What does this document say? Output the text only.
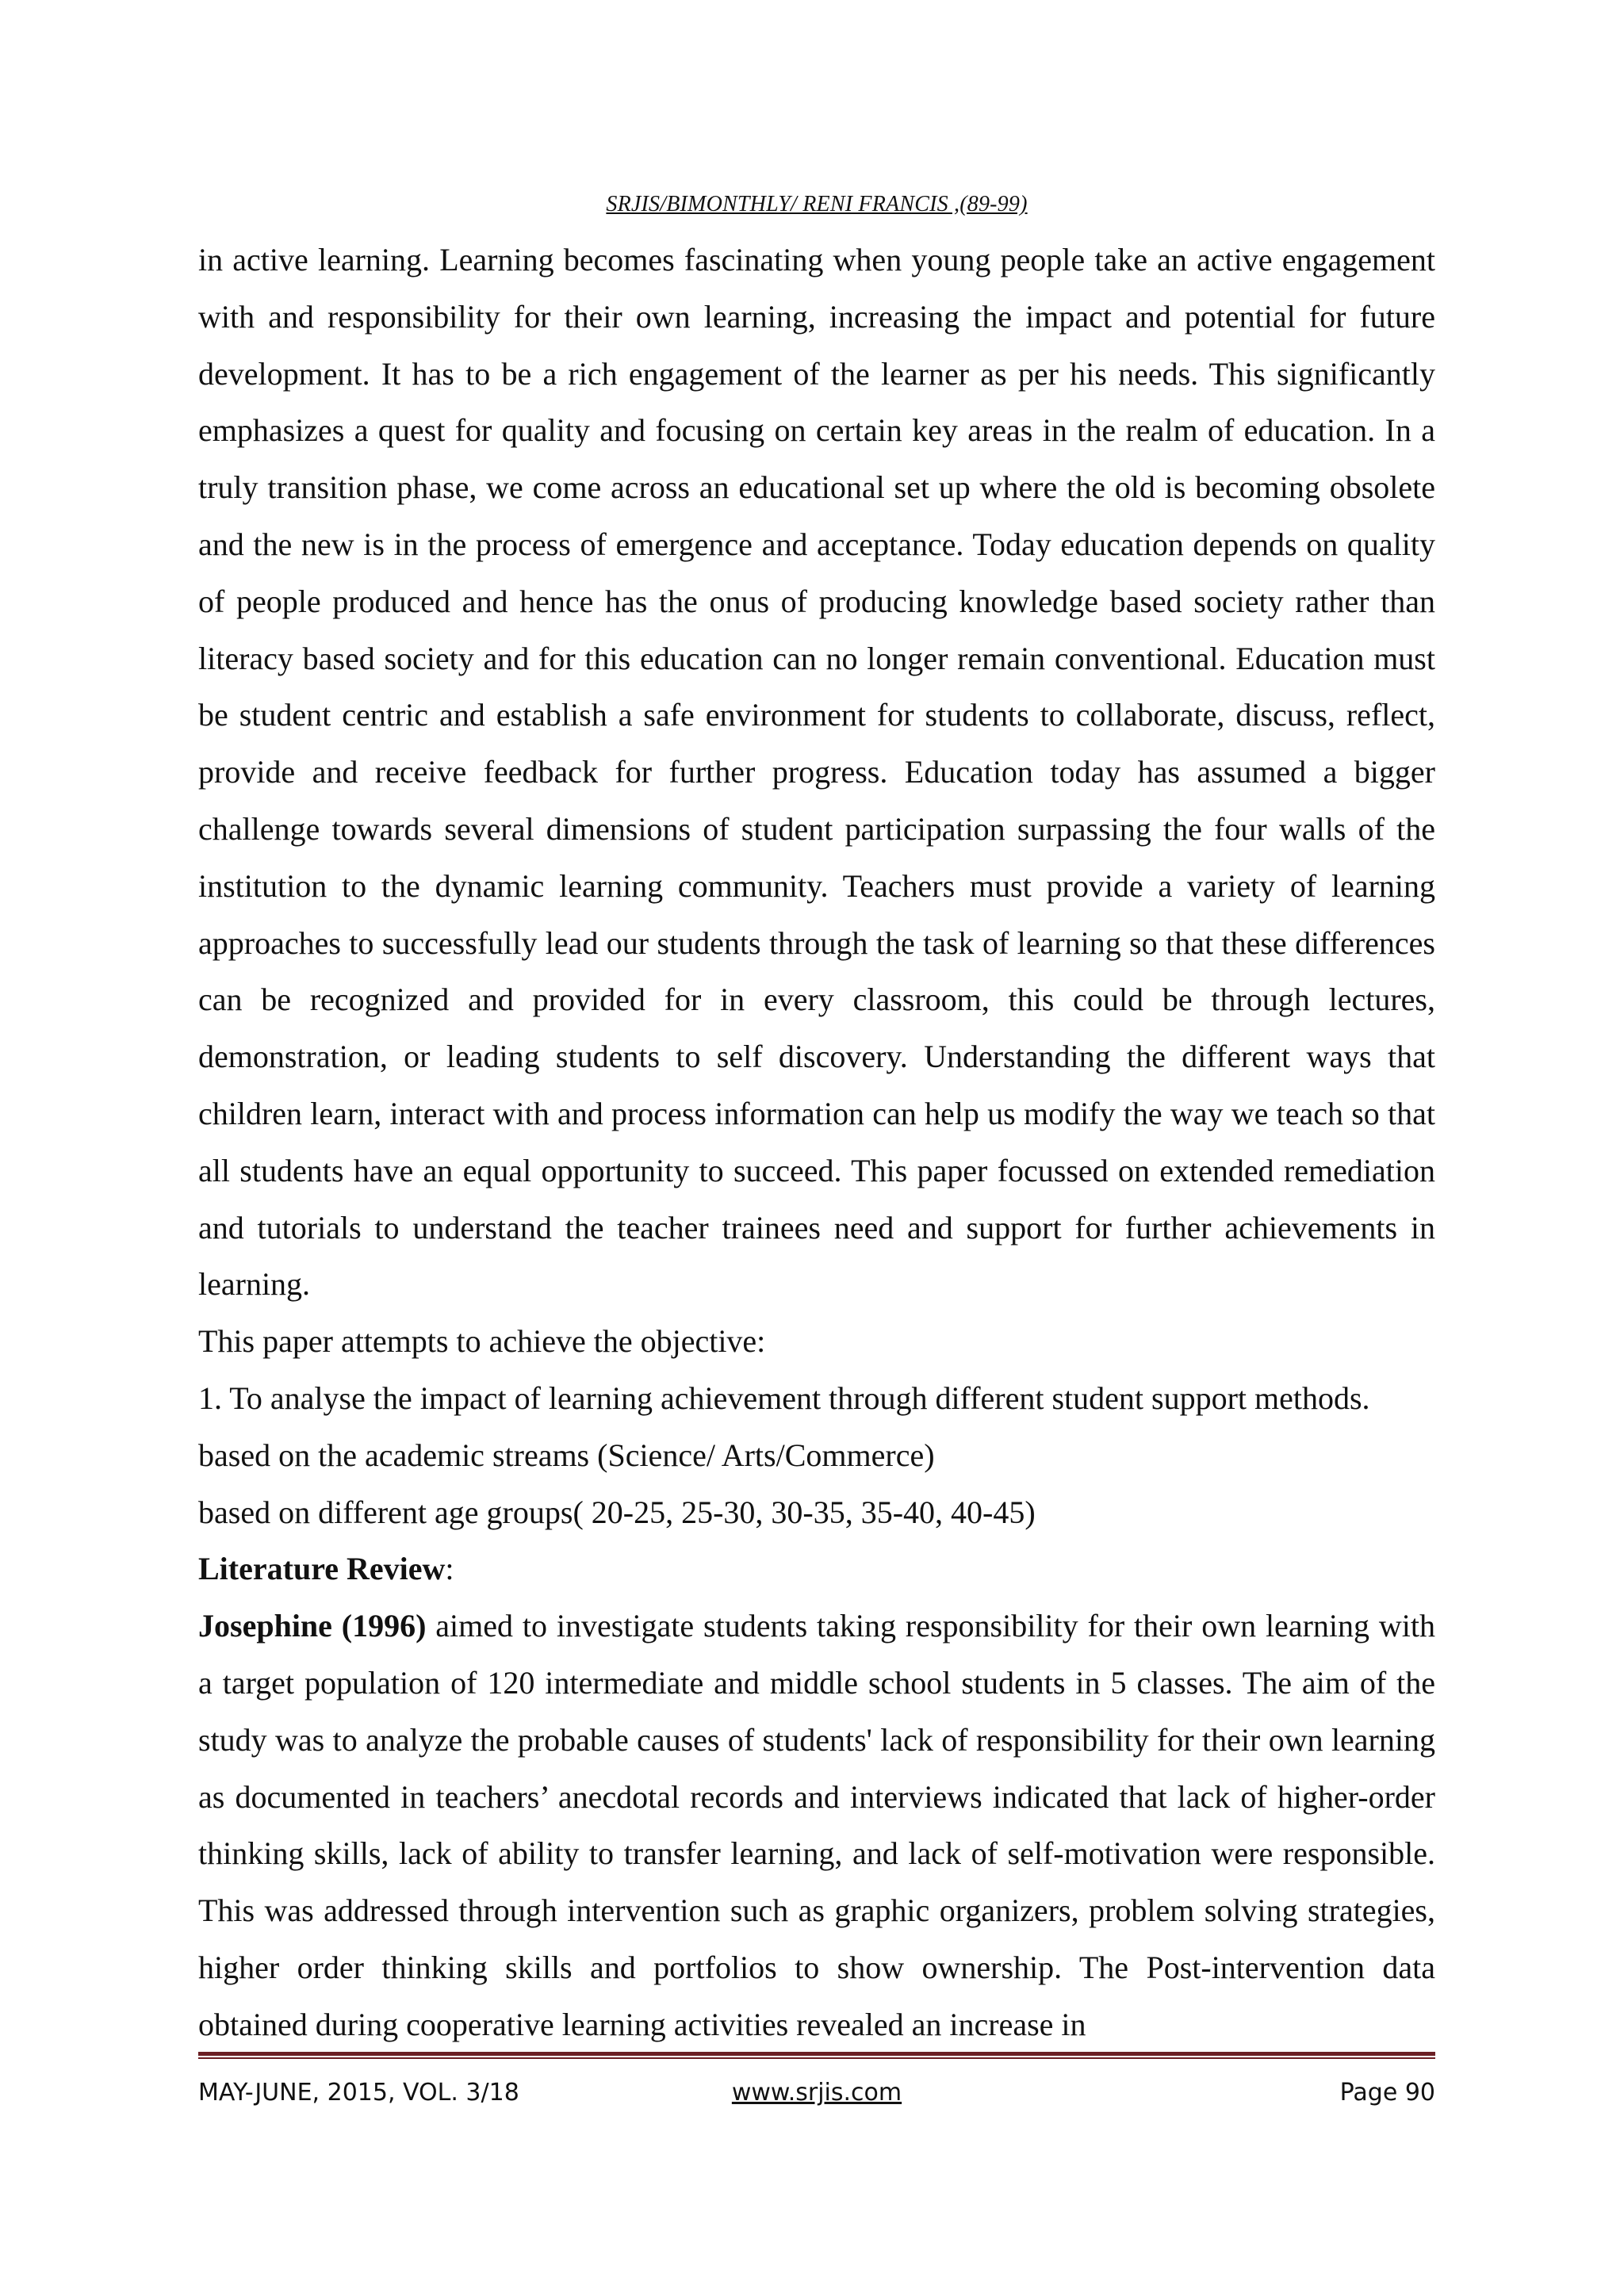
SRJIS/BIMONTHLY/ RENI FRANCIS ,(89-99)

in active learning. Learning becomes fascinating when young people take an active engagement with and responsibility for their own learning, increasing the impact and potential for future development. It has to be a rich engagement of the learner as per his needs. This significantly emphasizes a quest for quality and focusing on certain key areas in the realm of education. In a truly transition phase, we come across an educational set up where the old is becoming obsolete and the new is in the process of emergence and acceptance. Today education depends on quality of people produced and hence has the onus of producing knowledge based society rather than literacy based society and for this education can no longer remain conventional. Education must be student centric and establish a safe environment for students to collaborate, discuss, reflect, provide and receive feedback for further progress. Education today has assumed a bigger challenge towards several dimensions of student participation surpassing the four walls of the institution to the dynamic learning community. Teachers must provide a variety of learning approaches to successfully lead our students through the task of learning so that these differences can be recognized and provided for in every classroom, this could be through lectures, demonstration, or leading students to self discovery. Understanding the different ways that children learn, interact with and process information can help us modify the way we teach so that all students have an equal opportunity to succeed. This paper focussed on extended remediation and tutorials to understand the teacher trainees need and support for further achievements in learning.

This paper attempts to achieve the objective:

1. To analyse the impact of learning achievement through different student support methods.

based on the academic streams (Science/ Arts/Commerce)

based on different age groups( 20-25, 25-30, 30-35, 35-40, 40-45)

Literature Review:

Josephine (1996) aimed to investigate students taking responsibility for their own learning with a target population of 120 intermediate and middle school students in 5 classes. The aim of the study was to analyze the probable causes of students' lack of responsibility for their own learning as documented in teachers’ anecdotal records and interviews indicated that lack of higher-order thinking skills, lack of ability to transfer learning, and lack of self-motivation were responsible. This was addressed through intervention such as graphic organizers, problem solving strategies, higher order thinking skills and portfolios to show ownership. The Post-intervention data obtained during cooperative learning activities revealed an increase in

MAY-JUNE, 2015, VOL. 3/18	www.srjis.com	Page 90
